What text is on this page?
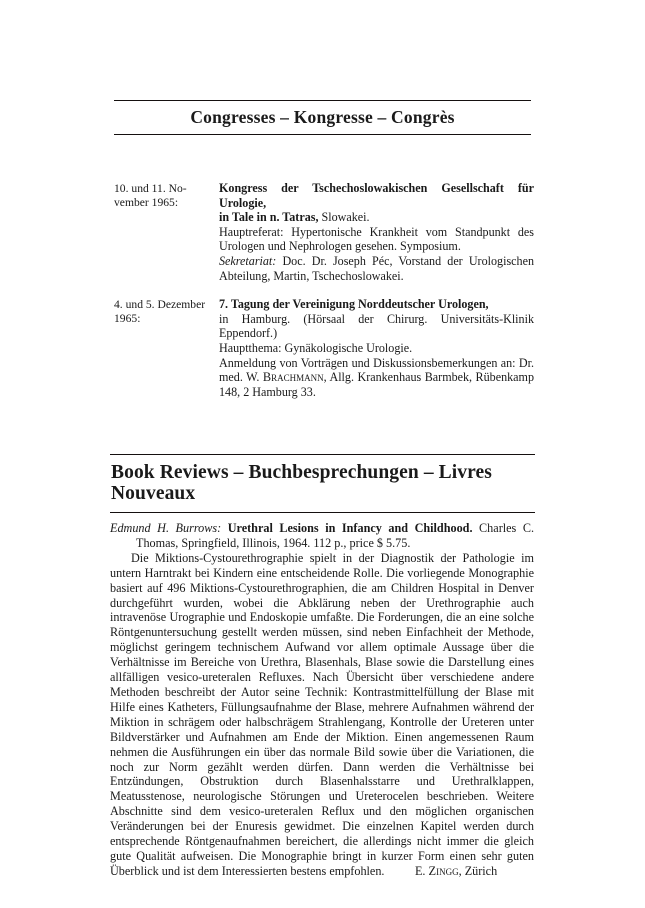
Congresses – Kongresse – Congrès
10. und 11. No-
vember 1965:

Kongress der Tschechoslowakischen Gesellschaft für Urologie,
in Tale in n. Tatras, Slowakei.

Hauptreferat: Hypertonische Krankheit vom Standpunkt des Urologen und Nephrologen gesehen. Symposium.

Sekretariat: Doc. Dr. Joseph Péc, Vorstand der Urologischen Abteilung, Martin, Tschechoslowakei.

4. und 5. Dezember
1965:

7. Tagung der Vereinigung Norddeutscher Urologen,
in Hamburg. (Hörsaal der Chirurg. Universitäts-Klinik Eppendorf.)

Hauptthema: Gynäkologische Urologie.

Anmeldung von Vorträgen und Diskussionsbemerkungen an: Dr. med. W. Brachmann, Allg. Krankenhaus Barmbek, Rübenkamp 148, 2 Hamburg 33.

Book Reviews – Buchbesprechungen – Livres Nouveaux
Edmund H. Burrows: Urethral Lesions in Infancy and Childhood. Charles C. Thomas, Springfield, Illinois, 1964. 112 p., price $ 5.75.

Die Miktions-Cystourethrographie spielt in der Diagnostik der Pathologie im untern Harntrakt bei Kindern eine entscheidende Rolle. Die vorliegende Monographie basiert auf 496 Miktions-Cystourethrographien, die am Children Hospital in Denver durchgeführt wurden, wobei die Abklärung neben der Urethrographie auch intravenöse Urographie und Endoskopie umfaßte. Die Forderungen, die an eine solche Röntgenuntersuchung gestellt werden müssen, sind neben Einfachheit der Methode, möglichst geringem technischem Aufwand vor allem optimale Aussage über die Verhältnisse im Bereiche von Urethra, Blasenhals, Blase sowie die Darstellung eines allfälligen vesico-ureteralen Refluxes. Nach Übersicht über verschiedene andere Methoden beschreibt der Autor seine Technik: Kontrastmittelfüllung der Blase mit Hilfe eines Katheters, Füllungsaufnahme der Blase, mehrere Aufnahmen während der Miktion in schrägem oder halbschrägem Strahlengang, Kontrolle der Ureteren unter Bildverstärker und Aufnahmen am Ende der Miktion. Einen angemessenen Raum nehmen die Ausführungen ein über das normale Bild sowie über die Variationen, die noch zur Norm gezählt werden dürfen. Dann werden die Verhältnisse bei Entzündungen, Obstruktion durch Blasenhalsstarre und Urethralklappen, Meatusstenose, neurologische Störungen und Ureterocelen beschrieben. Weitere Abschnitte sind dem vesico-ureteralen Reflux und den möglichen organischen Veränderungen bei der Enuresis gewidmet. Die einzelnen Kapitel werden durch entsprechende Röntgenaufnahmen bereichert, die allerdings nicht immer die gleich gute Qualität aufweisen. Die Monographie bringt in kurzer Form einen sehr guten Überblick und ist dem Interessierten bestens empfohlen. E. Zingg, Zürich
